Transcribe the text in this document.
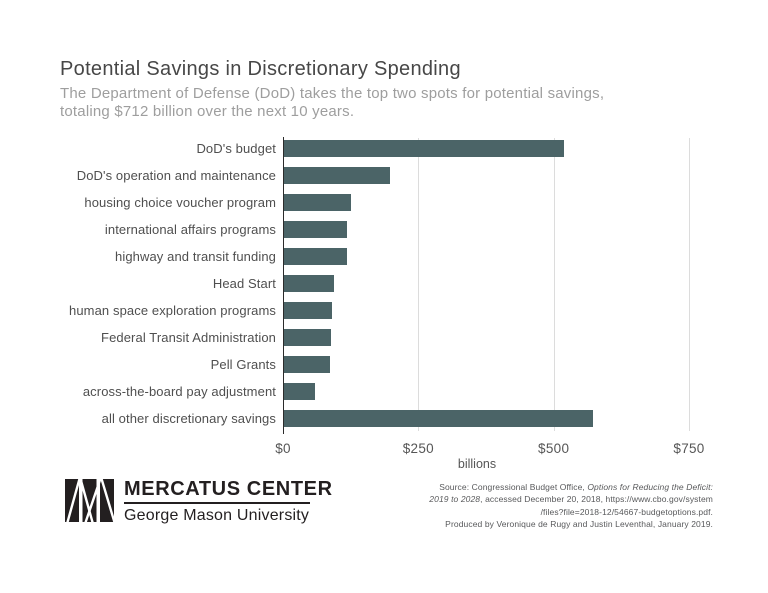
Potential Savings in Discretionary Spending
The Department of Defense (DoD) takes the top two spots for potential savings,
totaling $712 billion over the next 10 years.
DoD's budget
DoD's operation and maintenance
housing choice voucher program
international affairs programs
highway and transit funding
Head Start
human space exploration programs
Federal Transit Administration
Pell Grants
across-the-board pay adjustment
all other discretionary savings
$0	$250	$500	$750
billions
MERCATUS CENTER
George Mason University
Source: Congressional Budget Office, Options for Reducing the Deficit:
2019 to 2028, accessed December 20, 2018, https://www.cbo.gov/system
/files?file=2018-12/54667-budgetoptions.pdf.
Produced by Veronique de Rugy and Justin Leventhal, January 2019.
